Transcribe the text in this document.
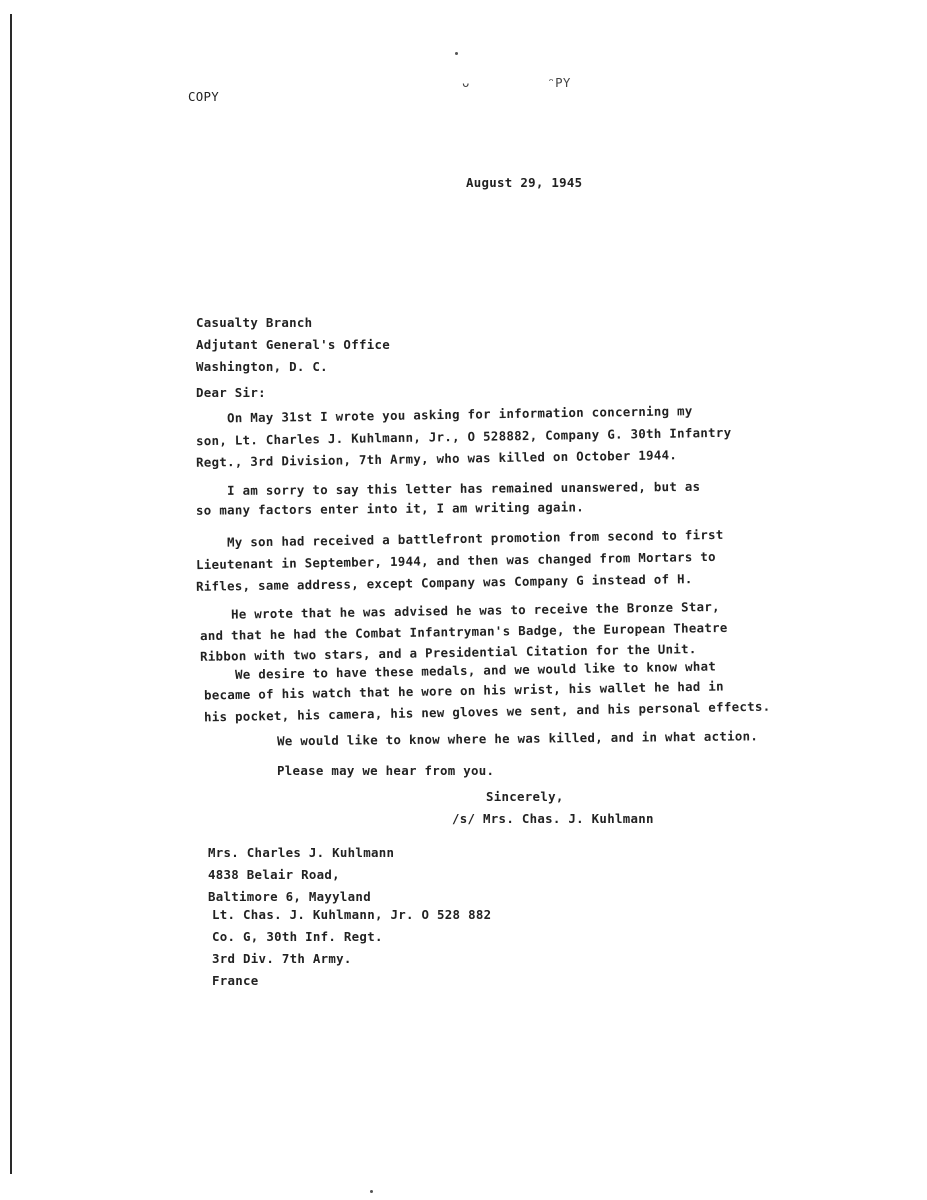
COPY
ᴗ          ᵔPY
August 29, 1945
Casualty Branch
Adjutant General's Office
Washington, D. C.
Dear Sir:
On May 31st I wrote you asking for information concerning my
son, Lt. Charles J. Kuhlmann, Jr., O 528882, Company G. 30th Infantry
Regt., 3rd Division, 7th Army, who was killed on October 1944.
I am sorry to say this letter has remained unanswered, but as
so many factors enter into it, I am writing again.
My son had received a battlefront promotion from second to first
Lieutenant in September, 1944, and then was changed from Mortars to
Rifles, same address, except Company was Company G instead of H.
He wrote that he was advised he was to receive the Bronze Star,
and that he had the Combat Infantryman's Badge, the European Theatre
Ribbon with two stars, and a Presidential Citation for the Unit.
We desire to have these medals, and we would like to know what
became of his watch that he wore on his wrist, his wallet he had in
his pocket, his camera, his new gloves we sent, and his personal effects.
We would like to know where he was killed, and in what action.
Please may we hear from you.
Sincerely,
/s/ Mrs. Chas. J. Kuhlmann
Mrs. Charles J. Kuhlmann
4838 Belair Road,
Baltimore 6, Mayyland
Lt. Chas. J. Kuhlmann, Jr. O 528 882
Co. G, 30th Inf. Regt.
3rd Div. 7th Army.
France
